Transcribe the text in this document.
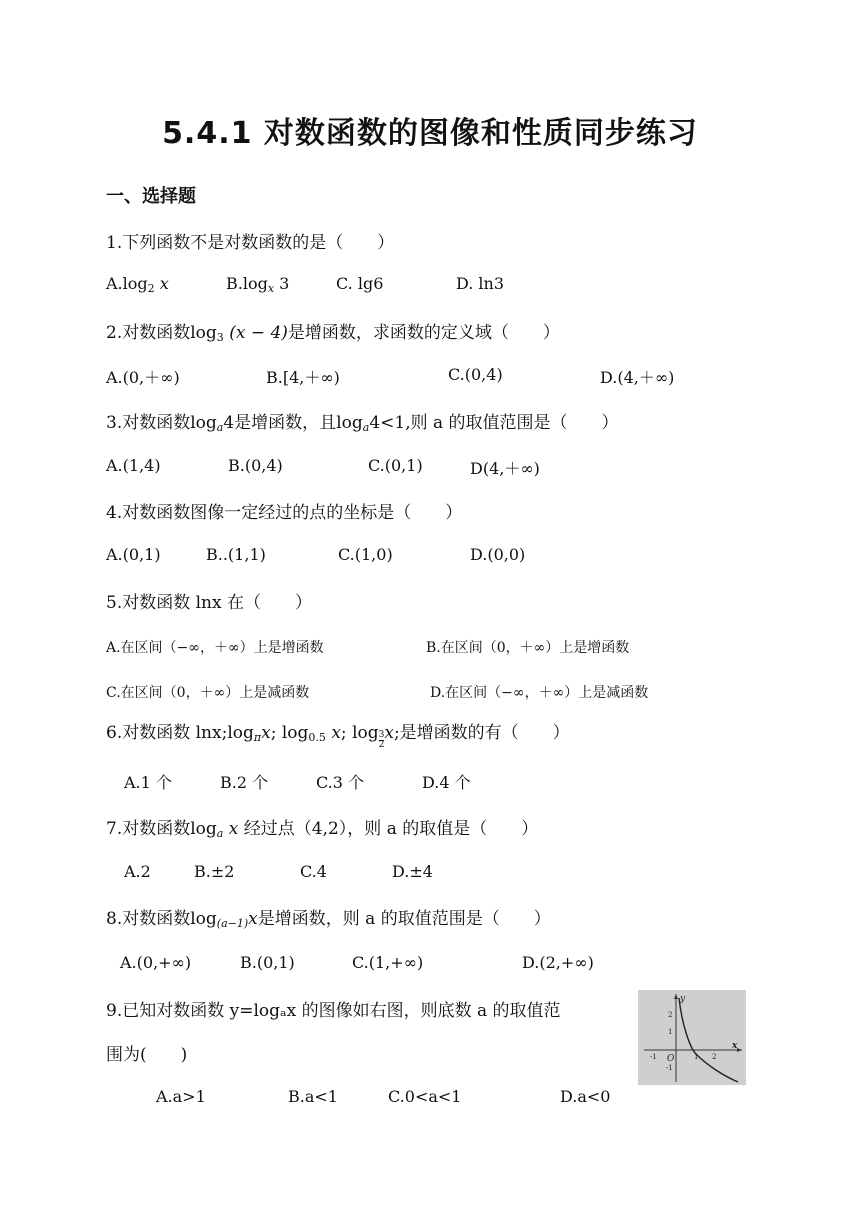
5.4.1 对数函数的图像和性质同步练习
一、选择题
1.下列函数不是对数函数的是（　　）
$A.\log_2$ x	$B.\log_x$ 3	C. lg6	D. ln3
2.对数函数$\log_3 (x - 4)$是增函数，求函数的定义域（　　）
A.(0,＋∞)	B.[4,＋∞)	C.(0,4)	D.(4,＋∞)
3.对数函数$\log_a4$是增函数，且$\log_a4<1$,则 a 的取值范围是（　　）
A.(1,4)	B.(0,4)	C.(0,1)	D(4,＋∞)
4.对数函数图像一定经过的点的坐标是（　　）
A.(0,1)	B..(1,1)	C.(1,0)	D.(0,0)
5.对数函数 lnx 在（　　）
A.在区间（−∞，＋∞）上是增函数	B.在区间（0，＋∞）上是增函数
C.在区间（0，＋∞）上是减函数	D.在区间（−∞，＋∞）上是减函数
6.对数函数 $\ln x;\log_\pi x$; $\log_{0.5} x$; $\log \frac{3}{2} x$;是增函数的有（　　）
A.1 个	B.2 个	C.3 个	D.4 个
7.对数函数$\log_a x$ 经过点（4,2），则 a 的取值是（　　）
A.2	B.±2	C.4	D.±4
8.对数函数$\log_{(a-1)}x$是增函数，则 a 的取值范围是（　　）
A.(0,+∞)	B.(0,1)	C.(1,+∞)	D.(2,+∞)
9.已知对数函数 y=logₐx 的图像如右图，则底数 a 的取值范
围为(　　)
A.a>1	B.a<1	C.0<a<1	D.a<0
y
x
O
2
1
-1
-1	1 2
